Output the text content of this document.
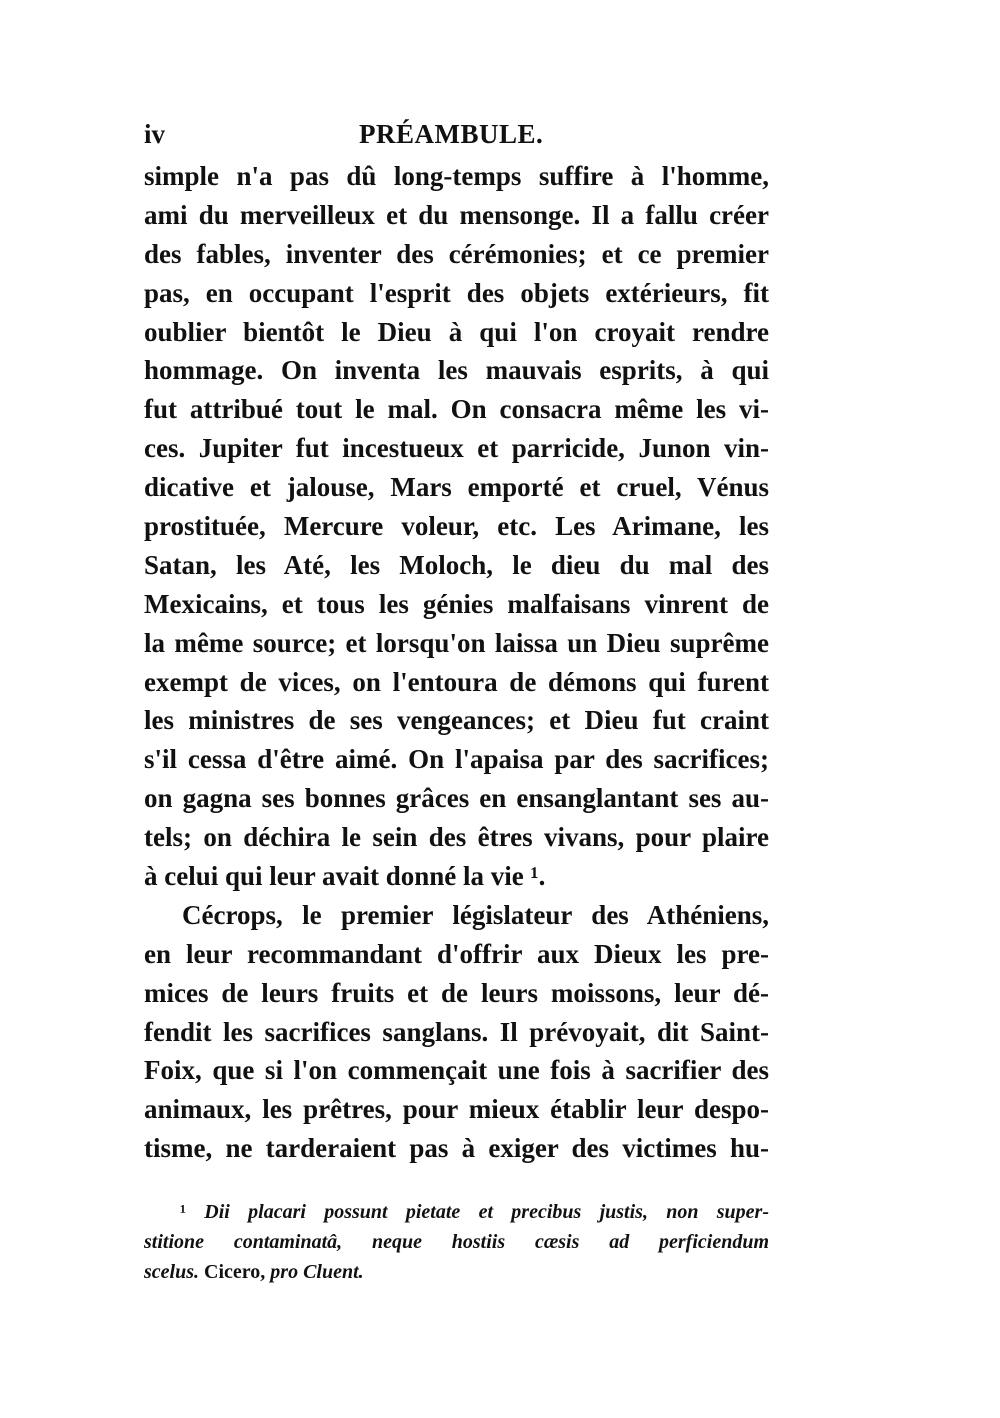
iv	PRÉAMBULE.
simple n'a pas dû long-temps suffire à l'homme,
ami du merveilleux et du mensonge. Il a fallu créer
des fables, inventer des cérémonies; et ce premier
pas, en occupant l'esprit des objets extérieurs, fit
oublier bientôt le Dieu à qui l'on croyait rendre
hommage. On inventa les mauvais esprits, à qui
fut attribué tout le mal. On consacra même les vi-
ces. Jupiter fut incestueux et parricide, Junon vin-
dicative et jalouse, Mars emporté et cruel, Vénus
prostituée, Mercure voleur, etc. Les Arimane, les
Satan, les Até, les Moloch, le dieu du mal des
Mexicains, et tous les génies malfaisans vinrent de
la même source; et lorsqu'on laissa un Dieu suprême
exempt de vices, on l'entoura de démons qui furent
les ministres de ses vengeances; et Dieu fut craint
s'il cessa d'être aimé. On l'apaisa par des sacrifices;
on gagna ses bonnes grâces en ensanglantant ses au-
tels; on déchira le sein des êtres vivans, pour plaire
à celui qui leur avait donné la vie ¹.
Cécrops, le premier législateur des Athéniens,
en leur recommandant d'offrir aux Dieux les pre-
mices de leurs fruits et de leurs moissons, leur dé-
fendit les sacrifices sanglans. Il prévoyait, dit Saint-
Foix, que si l'on commençait une fois à sacrifier des
animaux, les prêtres, pour mieux établir leur despo-
tisme, ne tarderaient pas à exiger des victimes hu-
¹ Dii placari possunt pietate et precibus justis, non super-
stitione contaminatâ, neque hostiis cæsis ad perficiendum
scelus. Cicero, pro Cluent.
